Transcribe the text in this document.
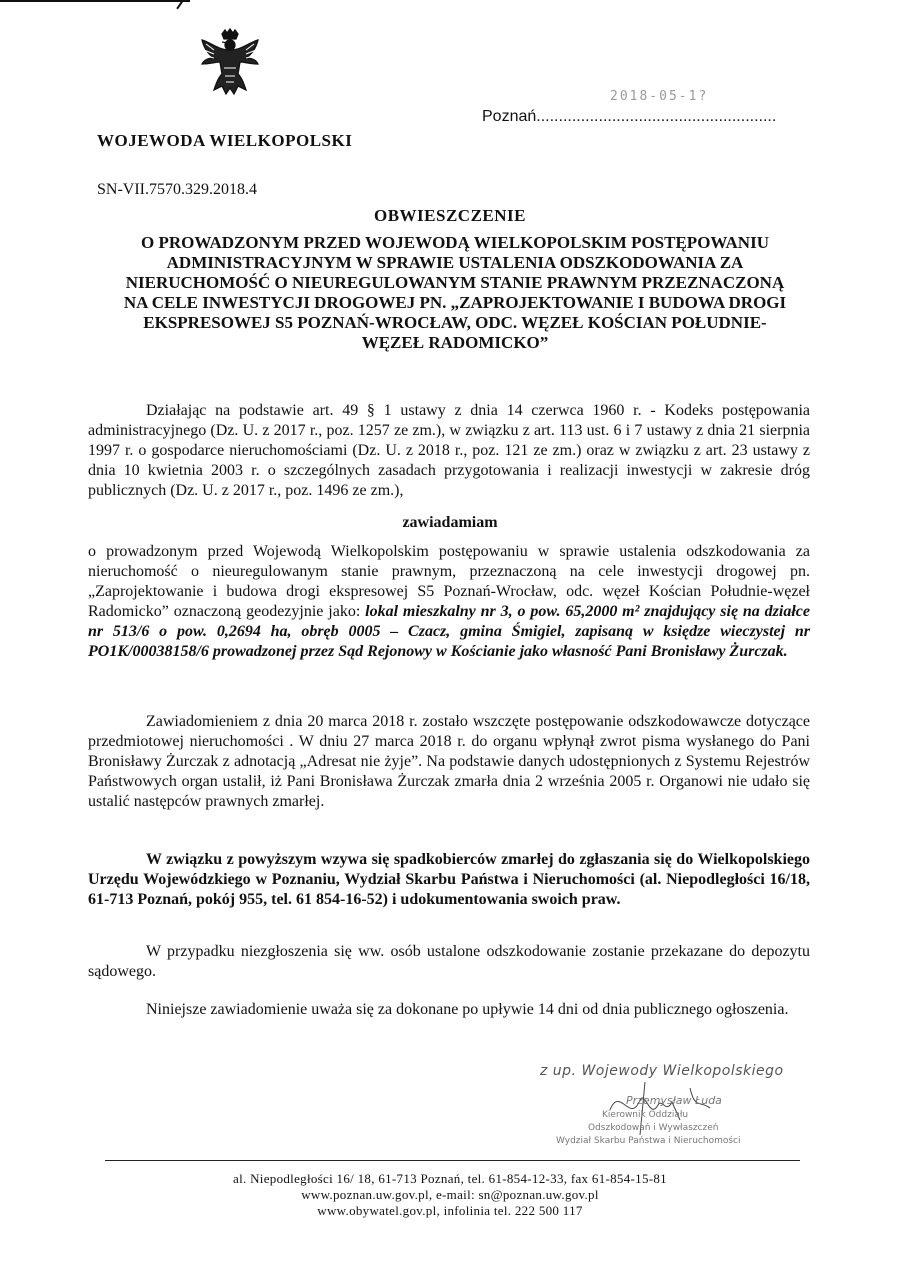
WOJEWODA WIELKOPOLSKI
2018-05-1?
Poznań......................................................
SN-VII.7570.329.2018.4
OBWIESZCZENIE
O PROWADZONYM PRZED WOJEWODĄ WIELKOPOLSKIM POSTĘPOWANIU
ADMINISTRACYJNYM W SPRAWIE USTALENIA ODSZKODOWANIA ZA
NIERUCHOMOŚĆ O NIEUREGULOWANYM STANIE PRAWNYM PRZEZNACZONĄ
NA CELE INWESTYCJI DROGOWEJ PN. „ZAPROJEKTOWANIE I BUDOWA DROGI
EKSPRESOWEJ S5 POZNAŃ-WROCŁAW, ODC. WĘZEŁ KOŚCIAN POŁUDNIE-
WĘZEŁ RADOMICKO”
Działając na podstawie art. 49 § 1 ustawy z dnia 14 czerwca 1960 r. - Kodeks postępowania administracyjnego (Dz. U. z 2017 r., poz. 1257 ze zm.), w związku z art. 113 ust. 6 i 7 ustawy z dnia 21 sierpnia 1997 r. o gospodarce nieruchomościami (Dz. U. z 2018 r., poz. 121 ze zm.) oraz w związku z art. 23 ustawy z dnia 10 kwietnia 2003 r. o szczególnych zasadach przygotowania i realizacji inwestycji w zakresie dróg publicznych (Dz. U. z 2017 r., poz. 1496 ze zm.),
zawiadamiam
o prowadzonym przed Wojewodą Wielkopolskim postępowaniu w sprawie ustalenia odszkodowania za nieruchomość o nieuregulowanym stanie prawnym, przeznaczoną na cele inwestycji drogowej pn. „Zaprojektowanie i budowa drogi ekspresowej S5 Poznań-Wrocław, odc. węzeł Kościan Południe-węzeł Radomicko” oznaczoną geodezyjnie jako: lokal mieszkalny nr 3, o pow. 65,2000 m² znajdujący się na działce nr 513/6 o pow. 0,2694 ha, obręb 0005 – Czacz, gmina Śmigiel, zapisaną w księdze wieczystej nr PO1K/00038158/6 prowadzonej przez Sąd Rejonowy w Kościanie jako własność Pani Bronisławy Żurczak.
Zawiadomieniem z dnia 20 marca 2018 r. zostało wszczęte postępowanie odszkodowawcze dotyczące przedmiotowej nieruchomości . W dniu 27 marca 2018 r. do organu wpłynął zwrot pisma wysłanego do Pani Bronisławy Żurczak z adnotacją „Adresat nie żyje”. Na podstawie danych udostępnionych z Systemu Rejestrów Państwowych organ ustalił, iż Pani Bronisława Żurczak zmarła dnia 2 września 2005 r. Organowi nie udało się ustalić następców prawnych zmarłej.
W związku z powyższym wzywa się spadkobierców zmarłej do zgłaszania się do Wielkopolskiego Urzędu Wojewódzkiego w Poznaniu, Wydział Skarbu Państwa i Nieruchomości (al. Niepodległości 16/18, 61-713 Poznań, pokój 955, tel. 61 854-16-52) i udokumentowania swoich praw.
W przypadku niezgłoszenia się ww. osób ustalone odszkodowanie zostanie przekazane do depozytu sądowego.
Niniejsze zawiadomienie uważa się za dokonane po upływie 14 dni od dnia publicznego ogłoszenia.
z up. Wojewody Wielkopolskiego
Przemysław Łuda
Kierownik Oddziału
Odszkodowań i Wywłaszczeń
Wydział Skarbu Państwa i Nieruchomości
al. Niepodległości 16/ 18, 61-713 Poznań, tel. 61-854-12-33, fax 61-854-15-81
www.poznan.uw.gov.pl, e-mail: sn@poznan.uw.gov.pl
www.obywatel.gov.pl, infolinia tel. 222 500 117
